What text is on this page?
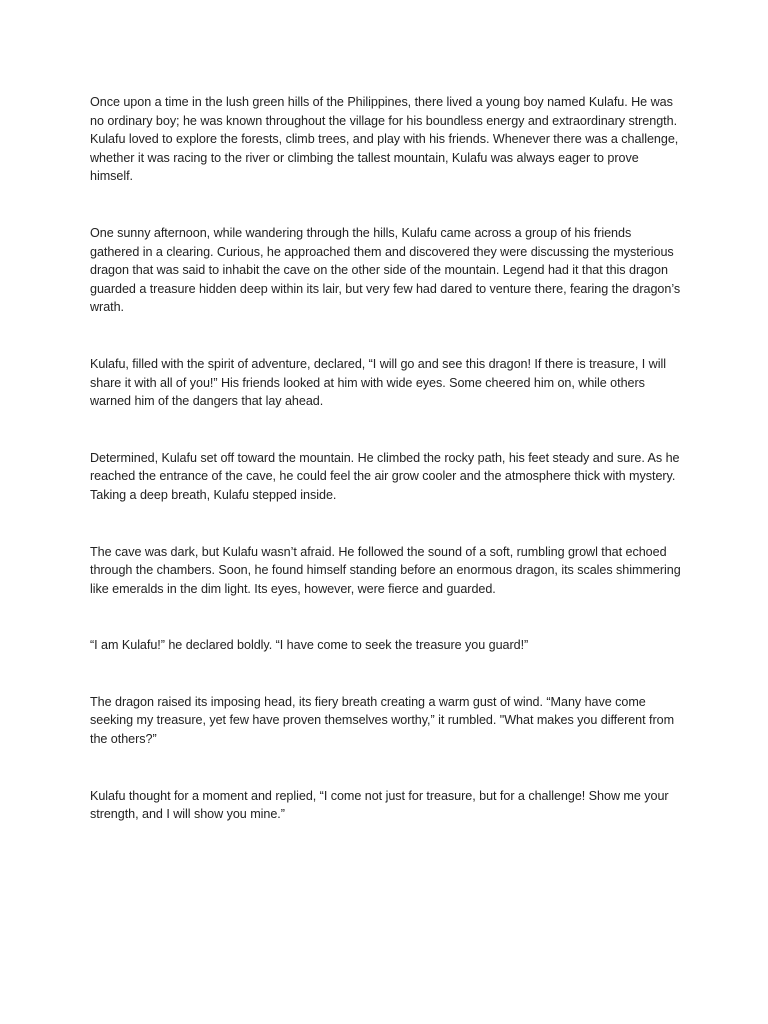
Once upon a time in the lush green hills of the Philippines, there lived a young boy named Kulafu. He was no ordinary boy; he was known throughout the village for his boundless energy and extraordinary strength. Kulafu loved to explore the forests, climb trees, and play with his friends. Whenever there was a challenge, whether it was racing to the river or climbing the tallest mountain, Kulafu was always eager to prove himself.

One sunny afternoon, while wandering through the hills, Kulafu came across a group of his friends gathered in a clearing. Curious, he approached them and discovered they were discussing the mysterious dragon that was said to inhabit the cave on the other side of the mountain. Legend had it that this dragon guarded a treasure hidden deep within its lair, but very few had dared to venture there, fearing the dragon’s wrath.

Kulafu, filled with the spirit of adventure, declared, “I will go and see this dragon! If there is treasure, I will share it with all of you!” His friends looked at him with wide eyes. Some cheered him on, while others warned him of the dangers that lay ahead.

Determined, Kulafu set off toward the mountain. He climbed the rocky path, his feet steady and sure. As he reached the entrance of the cave, he could feel the air grow cooler and the atmosphere thick with mystery. Taking a deep breath, Kulafu stepped inside.

The cave was dark, but Kulafu wasn’t afraid. He followed the sound of a soft, rumbling growl that echoed through the chambers. Soon, he found himself standing before an enormous dragon, its scales shimmering like emeralds in the dim light. Its eyes, however, were fierce and guarded.

“I am Kulafu!” he declared boldly. “I have come to seek the treasure you guard!”

The dragon raised its imposing head, its fiery breath creating a warm gust of wind. “Many have come seeking my treasure, yet few have proven themselves worthy,” it rumbled. "What makes you different from the others?”

Kulafu thought for a moment and replied, “I come not just for treasure, but for a challenge! Show me your strength, and I will show you mine.”
